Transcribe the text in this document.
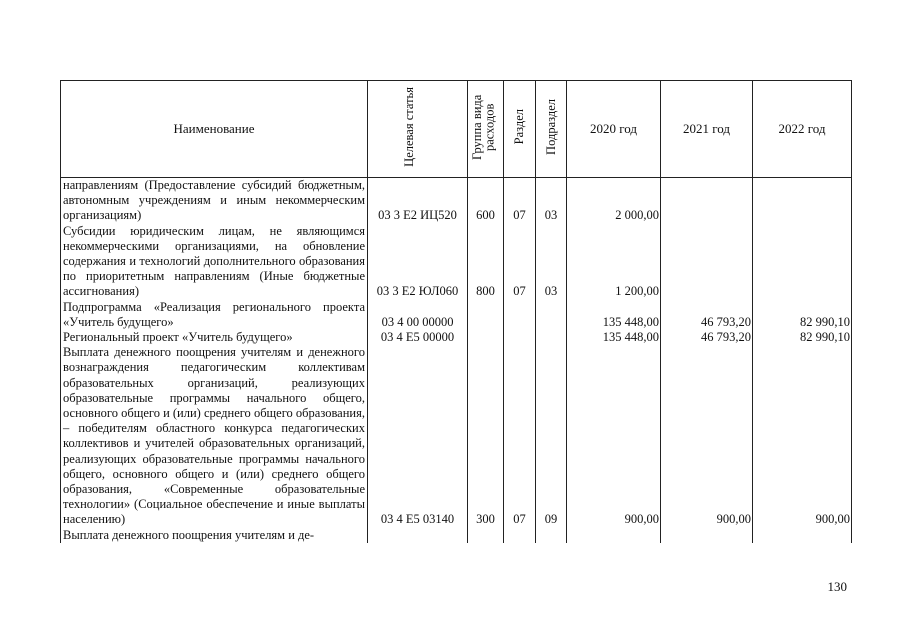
Наименование	Целевая статья	Группа вида расходов	Раздел	Подраздел	2020 год	2021 год	2022 год
направлениям (Предоставление субсидий бюджетным, автономным учреждениям и иным некоммерческим организациям)	03 3 Е2 ИЦ520	600	07	03	2 000,00		
Субсидии юридическим лицам, не являющимся некоммерческими организациями, на обновление содержания и технологий дополнительного образования по приоритетным направлениям (Иные бюджетные ассигнования)	03 3 Е2 ЮЛ060	800	07	03	1 200,00		
Подпрограмма «Реализация регионального проекта «Учитель будущего»	03 4 00 00000				135 448,00	46 793,20	82 990,10
Региональный проект «Учитель будущего»	03 4 Е5 00000				135 448,00	46 793,20	82 990,10
Выплата денежного поощрения учителям и денежного вознаграждения педагогическим коллективам образовательных организаций, реализующих образовательные программы начального общего, основного общего и (или) среднего общего образования, – победителям областного конкурса педагогических коллективов и учителей образовательных организаций, реализующих образовательные программы начального общего, основного общего и (или) среднего общего образования, «Современные образовательные технологии» (Социальное обеспечение и иные выплаты населению)	03 4 Е5 03140	300	07	09	900,00	900,00	900,00
Выплата денежного поощрения учителям и де-							
130
